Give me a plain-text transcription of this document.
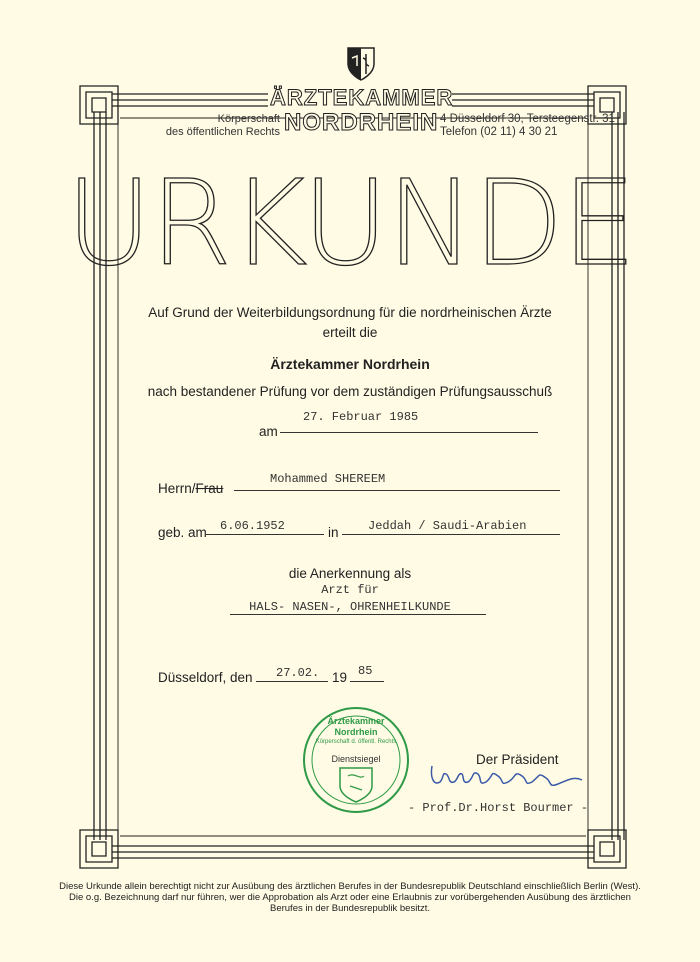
Körperschaft
des öffentlichen Rechts
ÄRZTEKAMMER
NORDRHEIN 4 Düsseldorf 30, Tersteegenstr. 31
Telefon (02 11) 4 30 21
URKUNDE
Auf Grund der Weiterbildungsordnung für die nordrheinischen Ärzte
erteilt die
Ärztekammer Nordrhein
nach bestandener Prüfung vor dem zuständigen Prüfungsausschuß
am
27. Februar 1985
Herrn/Frau
Mohammed SHEREEM
geb. am 6.06.1952	in Jeddah / Saudi-Arabien
die Anerkennung als
Arzt für
HALS- NASEN-, OHRENHEILKUNDE
Düsseldorf, den 27.02. 19 85
Ärztekammer
Nordrhein
Körperschaft d. öffentl. Rechts
Dienstsiegel	Der Präsident
- Prof.Dr.Horst Bourmer -
Diese Urkunde allein berechtigt nicht zur Ausübung des ärztlichen Berufes in der Bundesrepublik Deutschland einschließlich Berlin (West).
Die o.g. Bezeichnung darf nur führen, wer die Approbation als Arzt oder eine Erlaubnis zur vorübergehenden Ausübung des ärztlichen
Berufes in der Bundesrepublik besitzt.
